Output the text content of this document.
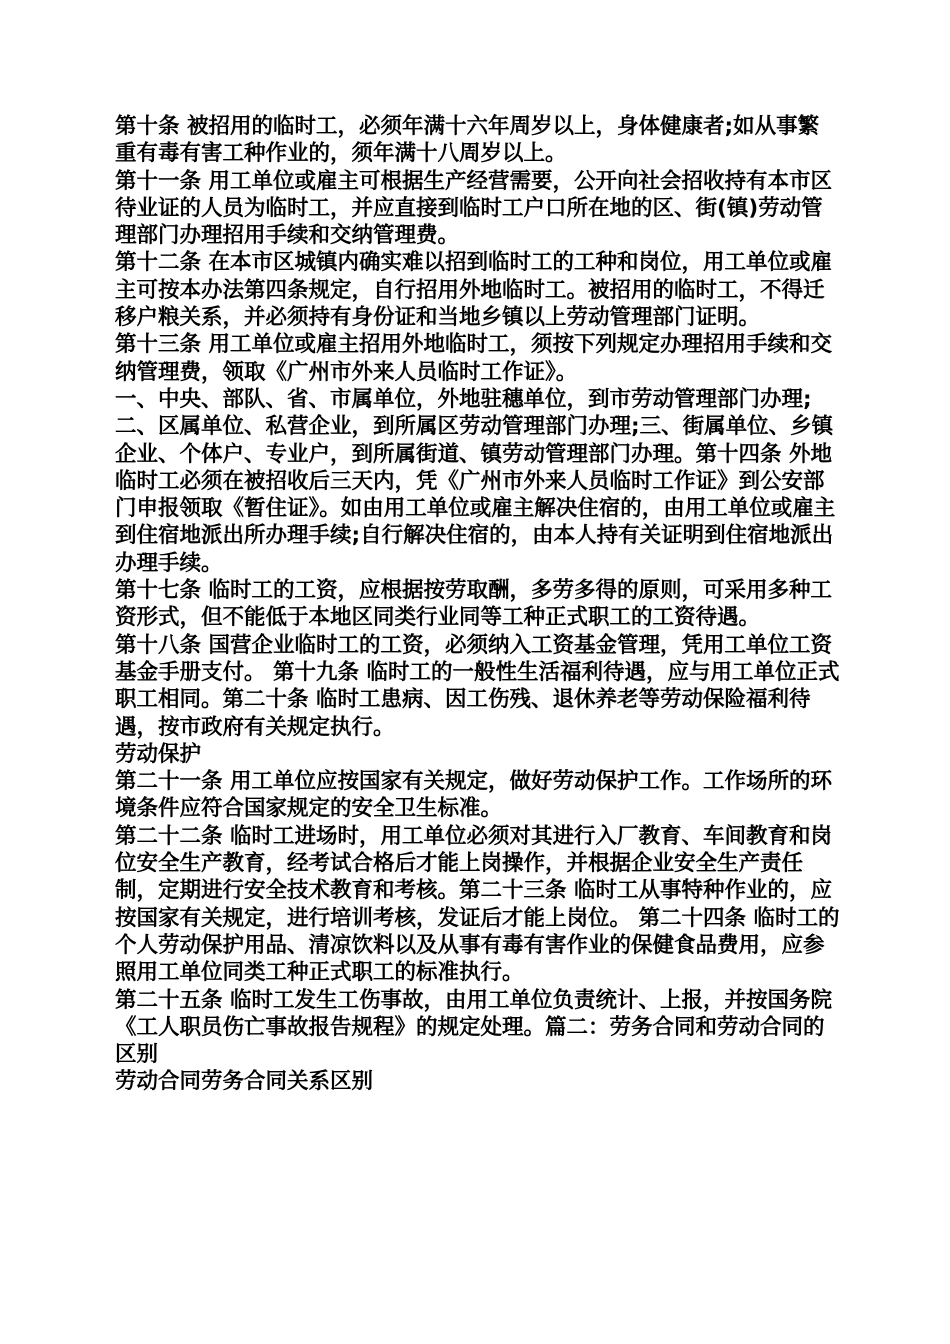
第十条 被招用的临时工，必须年满十六年周岁以上，身体健康者;如从事繁重有毒有害工种作业的，须年满十八周岁以上。

第十一条 用工单位或雇主可根据生产经营需要，公开向社会招收持有本市区待业证的人员为临时工，并应直接到临时工户口所在地的区、街(镇)劳动管理部门办理招用手续和交纳管理费。

第十二条 在本市区城镇内确实难以招到临时工的工种和岗位，用工单位或雇主可按本办法第四条规定，自行招用外地临时工。被招用的临时工，不得迁移户粮关系，并必须持有身份证和当地乡镇以上劳动管理部门证明。

第十三条 用工单位或雇主招用外地临时工，须按下列规定办理招用手续和交纳管理费，领取《广州市外来人员临时工作证》。

一、中央、部队、省、市属单位，外地驻穗单位，到市劳动管理部门办理;

二、区属单位、私营企业，到所属区劳动管理部门办理;三、街属单位、乡镇企业、个体户、专业户，到所属街道、镇劳动管理部门办理。第十四条 外地临时工必须在被招收后三天内，凭《广州市外来人员临时工作证》到公安部门申报领取《暂住证》。如由用工单位或雇主解决住宿的，由用工单位或雇主到住宿地派出所办理手续;自行解决住宿的，由本人持有关证明到住宿地派出办理手续。

第十七条 临时工的工资，应根据按劳取酬，多劳多得的原则，可采用多种工资形式，但不能低于本地区同类行业同等工种正式职工的工资待遇。

第十八条 国营企业临时工的工资，必须纳入工资基金管理，凭用工单位工资基金手册支付。 第十九条 临时工的一般性生活福利待遇，应与用工单位正式职工相同。第二十条 临时工患病、因工伤残、退休养老等劳动保险福利待遇，按市政府有关规定执行。

劳动保护

第二十一条 用工单位应按国家有关规定，做好劳动保护工作。工作场所的环境条件应符合国家规定的安全卫生标准。

第二十二条 临时工进场时，用工单位必须对其进行入厂教育、车间教育和岗位安全生产教育，经考试合格后才能上岗操作，并根据企业安全生产责任制，定期进行安全技术教育和考核。第二十三条 临时工从事特种作业的，应按国家有关规定，进行培训考核，发证后才能上岗位。 第二十四条 临时工的个人劳动保护用品、清凉饮料以及从事有毒有害作业的保健食品费用，应参照用工单位同类工种正式职工的标准执行。

第二十五条 临时工发生工伤事故，由用工单位负责统计、上报，并按国务院《工人职员伤亡事故报告规程》的规定处理。篇二：劳务合同和劳动合同的区别

劳动合同劳务合同关系区别
